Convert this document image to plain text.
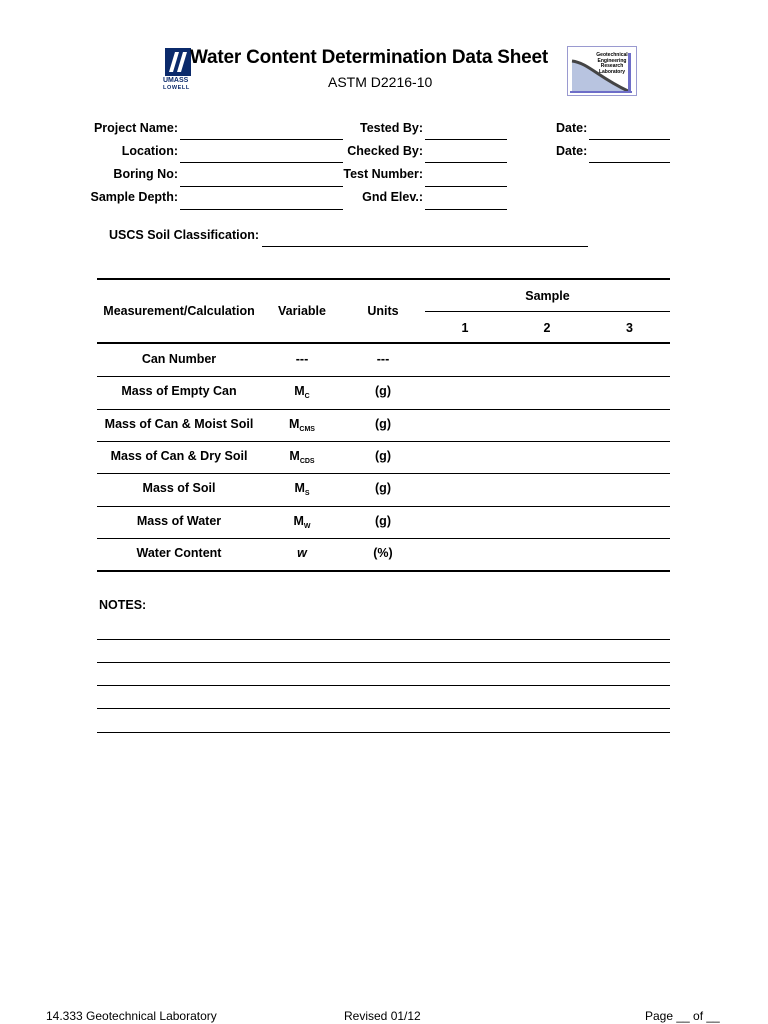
UMASS
LOWELL
Water Content Determination Data Sheet	Geotechnical
Engineering
Research
Laboratory
ASTM D2216-10
Project Name:
Location:
Boring No:
Sample Depth:
Tested By:
Checked By:
Test Number:
Gnd Elev.:
Date:
Date:
USCS Soil Classification:
Measurement/Calculation	Variable	Units
Sample
1	2	3
Can Number	---	---
Mass of Empty Can	$M_C$	(g)
Mass of Can & Moist Soil	$M_{CMS}$	(g)
Mass of Can & Dry Soil	$M_{CDS}$	(g)
Mass of Soil	$M_S$	(g)
Mass of Water	$M_W$	(g)
Water Content	w	(%)
NOTES:
14.333 Geotechnical Laboratory	Revised 01/12	Page __ of __
